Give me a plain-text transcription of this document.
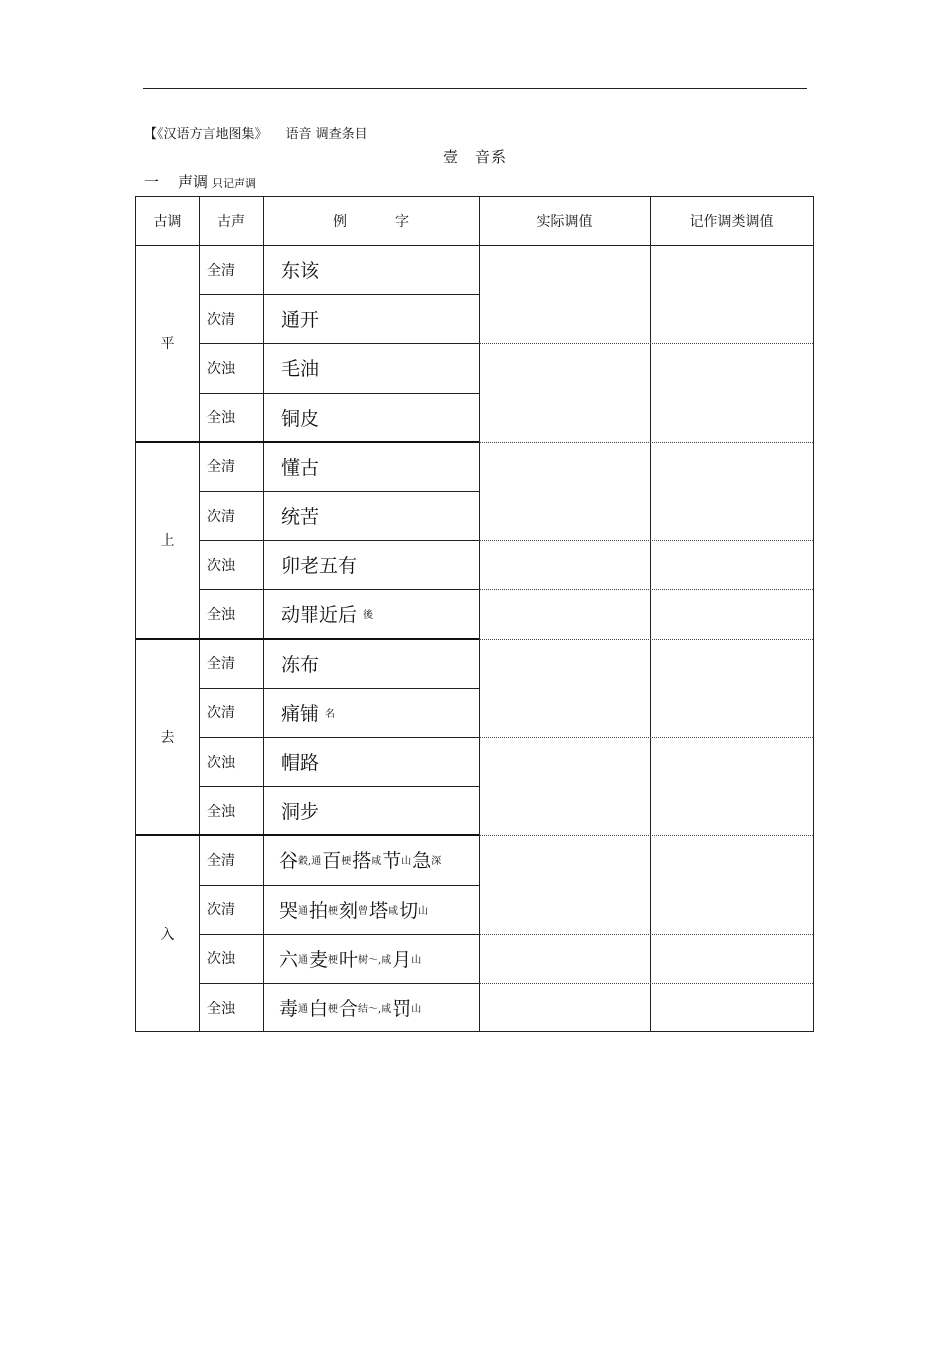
【《汉语方言地图集》 语音 调查条目
壹　音系
一 声调 只记声调
古调	古声	例	字	实际调值	记作调类调值
平
全清	东该
次清	通开
次浊	毛油
全浊	铜皮
上
全清	懂古
次清	统苦
次浊	卯老五有
全浊	动罪近后 後
去
全清	冻布
次清	痛铺 名
次浊	帽路
全浊	洞步
入
全清	谷 穀,通 百 梗 搭 咸 节 山 急 深
次清	哭 通 拍 梗 刻 曾 塔 咸 切 山
次浊	六 通 麦 梗 叶 树～,咸 月 山
全浊	毒 通 白 梗 合 结～,咸 罚 山
